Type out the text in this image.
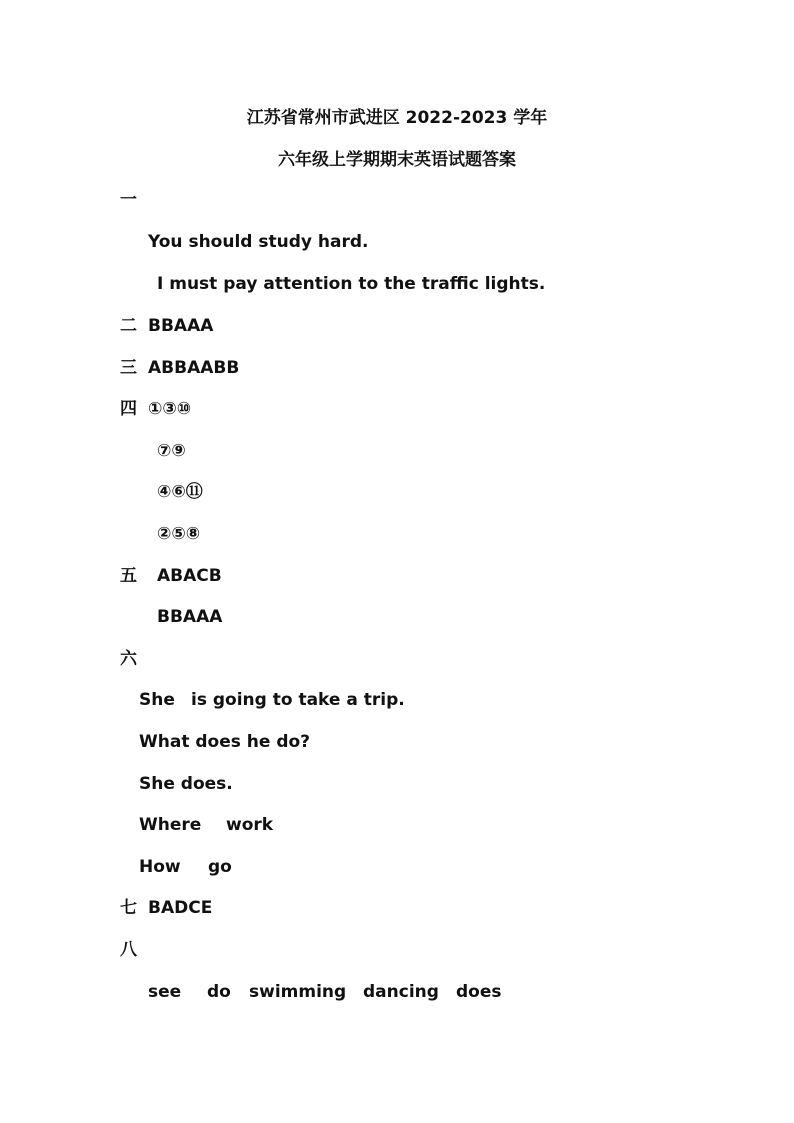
江苏省常州市武进区 2022-2023 学年
六年级上学期期末英语试题答案
一
You should study hard.
I must pay attention to the traffic lights.
二 BBAAA
三 ABBAABB
四 ①③⑩
⑦⑨
④⑥⑪
②⑤⑧
五 ABACB
BBAAA
六
She is going to take a trip.
What does he do?
She does.
Where work
How go
七 BADCE
八
see do swimming dancing does
